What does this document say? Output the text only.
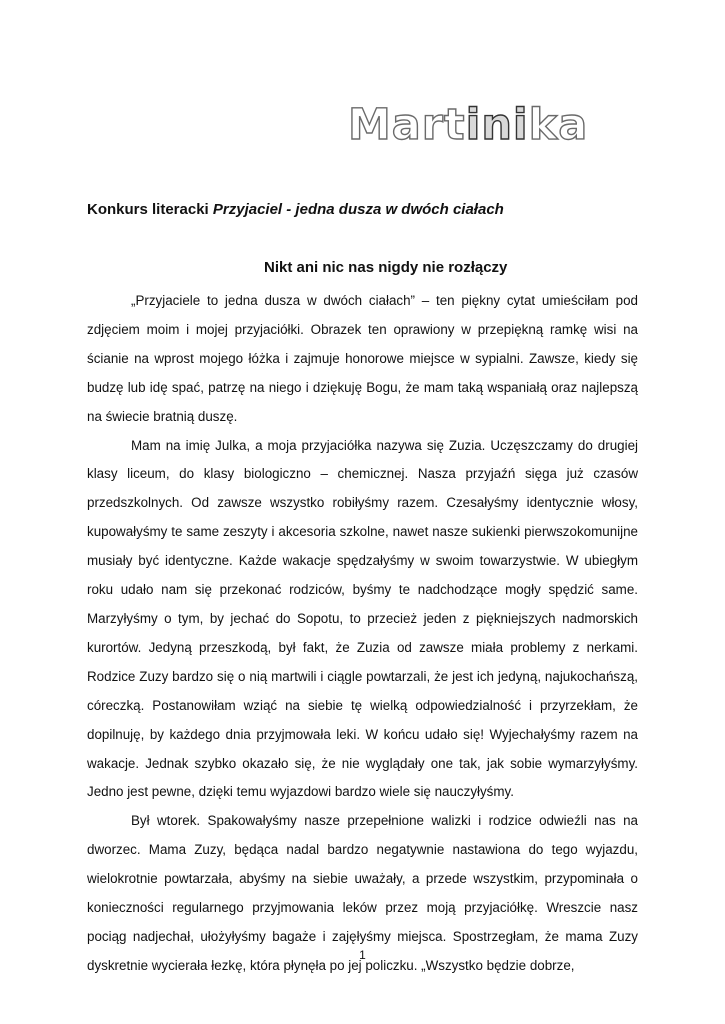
Martinika
Konkurs literacki Przyjaciel - jedna dusza w dwóch ciałach
Nikt ani nic nas nigdy nie rozłączy

„Przyjaciele to jedna dusza w dwóch ciałach” – ten piękny cytat umieściłam pod zdjęciem moim i mojej przyjaciółki. Obrazek ten oprawiony w przepiękną ramkę wisi na ścianie na wprost mojego łóżka i zajmuje honorowe miejsce w sypialni. Zawsze, kiedy się budzę lub idę spać, patrzę na niego i dziękuję Bogu, że mam taką wspaniałą oraz najlepszą na świecie bratnią duszę.

Mam na imię Julka, a moja przyjaciółka nazywa się Zuzia. Uczęszczamy do drugiej klasy liceum, do klasy biologiczno – chemicznej. Nasza przyjaźń sięga już czasów przedszkolnych. Od zawsze wszystko robiłyśmy razem. Czesałyśmy identycznie włosy, kupowałyśmy te same zeszyty i akcesoria szkolne, nawet nasze sukienki pierwszokomunijne musiały być identyczne. Każde wakacje spędzałyśmy w swoim towarzystwie. W ubiegłym roku udało nam się przekonać rodziców, byśmy te nadchodzące mogły spędzić same. Marzyłyśmy o tym, by jechać do Sopotu, to przecież jeden z piękniejszych nadmorskich kurortów. Jedyną przeszkodą, był fakt, że Zuzia od zawsze miała problemy z nerkami. Rodzice Zuzy bardzo się o nią martwili i ciągle powtarzali, że jest ich jedyną, najukochańszą, córeczką. Postanowiłam wziąć na siebie tę wielką odpowiedzialność i przyrzekłam, że dopilnuję, by każdego dnia przyjmowała leki. W końcu udało się! Wyjechałyśmy razem na wakacje. Jednak szybko okazało się, że nie wyglądały one tak, jak sobie wymarzyłyśmy. Jedno jest pewne, dzięki temu wyjazdowi bardzo wiele się nauczyłyśmy.

Był wtorek. Spakowałyśmy nasze przepełnione walizki i rodzice odwieźli nas na dworzec. Mama Zuzy, będąca nadal bardzo negatywnie nastawiona do tego wyjazdu, wielokrotnie powtarzała, abyśmy na siebie uważały, a przede wszystkim, przypominała o konieczności regularnego przyjmowania leków przez moją przyjaciółkę. Wreszcie nasz pociąg nadjechał, ułożyłyśmy bagaże i zajęłyśmy miejsca. Spostrzegłam, że mama Zuzy dyskretnie wycierała łezkę, która płynęła po jej policzku. „Wszystko będzie dobrze,

1
